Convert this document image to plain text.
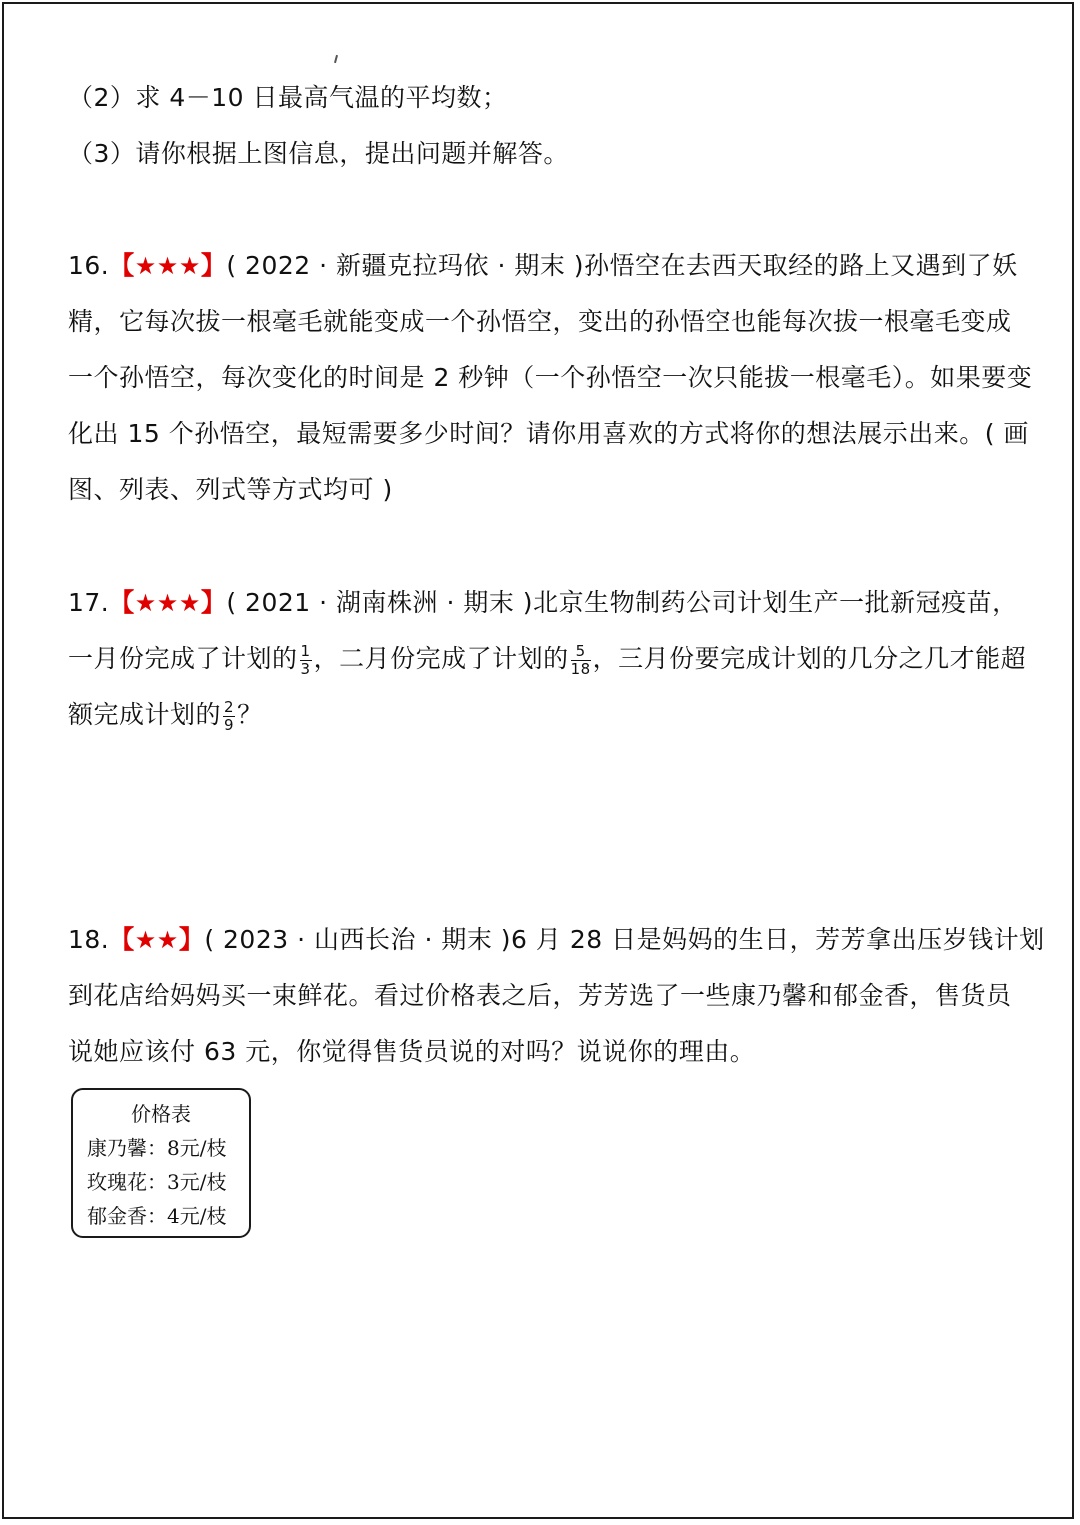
（2）求 4－10 日最高气温的平均数；
（3）请你根据上图信息，提出问题并解答。
16.【★★★】( 2022 · 新疆克拉玛依 · 期末 )孙悟空在去西天取经的路上又遇到了妖
精，它每次拔一根毫毛就能变成一个孙悟空，变出的孙悟空也能每次拔一根毫毛变成
一个孙悟空，每次变化的时间是 2 秒钟（一个孙悟空一次只能拔一根毫毛）。如果要变
化出 15 个孙悟空，最短需要多少时间？请你用喜欢的方式将你的想法展示出来。( 画
图、列表、列式等方式均可 )
17.【★★★】( 2021 · 湖南株洲 · 期末 )北京生物制药公司计划生产一批新冠疫苗，
一月份完成了计划的 $\frac{1}{3}$ ，二月份完成了计划的 $\frac{5}{18}$ ，三月份要完成计划的几分之几才能超
额完成计划的 $\frac{2}{9}$ ？
18.【★★】( 2023 · 山西长治 · 期末 )6 月 28 日是妈妈的生日，芳芳拿出压岁钱计划
到花店给妈妈买一束鲜花。看过价格表之后，芳芳选了一些康乃馨和郁金香，售货员
说她应该付 63 元，你觉得售货员说的对吗？说说你的理由。
价格表
康乃馨：8元/枝
玫瑰花：3元/枝
郁金香：4元/枝
